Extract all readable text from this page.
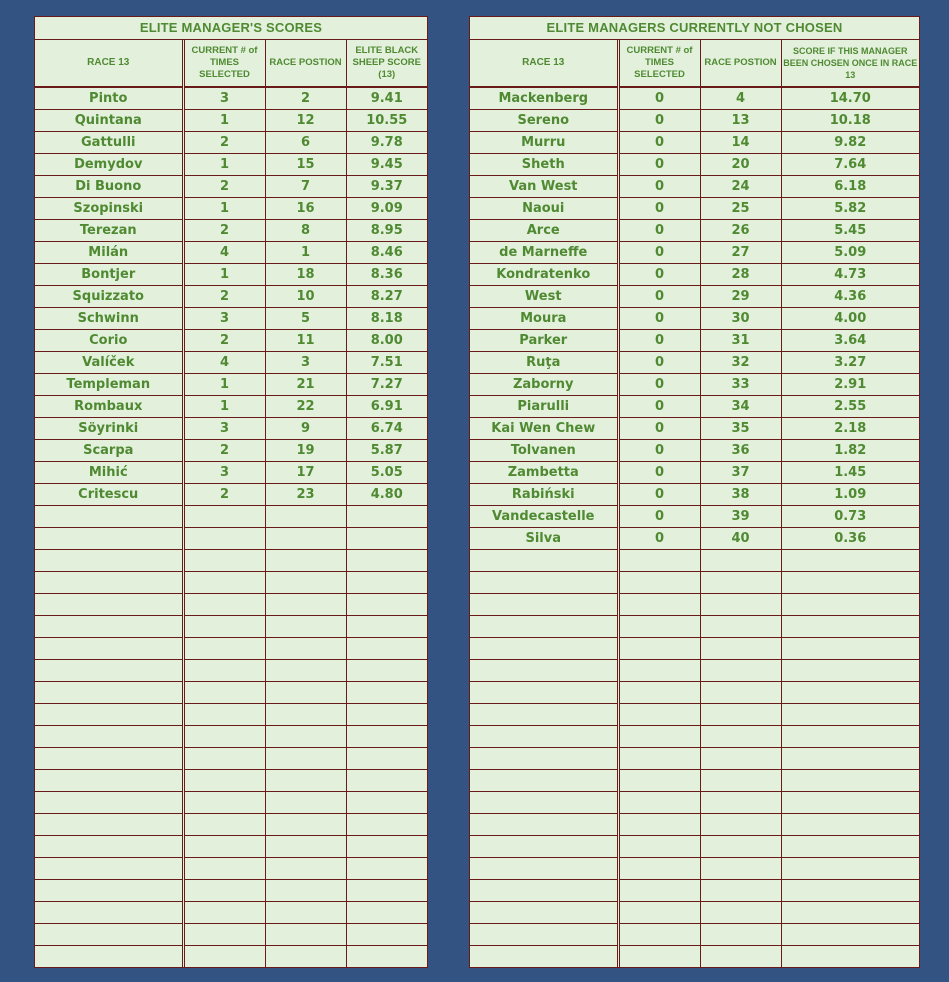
ELITE MANAGER'S SCORES
RACE 13	CURRENT # of TIMES SELECTED	RACE POSTION	ELITE BLACK SHEEP SCORE (13)
Pinto	3	2	9.41
Quintana	1	12	10.55
Gattulli	2	6	9.78
Demydov	1	15	9.45
Di Buono	2	7	9.37
Szopinski	1	16	9.09
Terezan	2	8	8.95
Milán	4	1	8.46
Bontjer	1	18	8.36
Squizzato	2	10	8.27
Schwinn	3	5	8.18
Corio	2	11	8.00
Valíček	4	3	7.51
Templeman	1	21	7.27
Rombaux	1	22	6.91
Söyrinki	3	9	6.74
Scarpa	2	19	5.87
Mihić	3	17	5.05
Critescu	2	23	4.80

ELITE MANAGERS CURRENTLY NOT CHOSEN
RACE 13	CURRENT # of TIMES SELECTED	RACE POSTION	SCORE IF THIS MANAGER BEEN CHOSEN ONCE IN RACE 13
Mackenberg	0	4	14.70
Sereno	0	13	10.18
Murru	0	14	9.82
Sheth	0	20	7.64
Van West	0	24	6.18
Naoui	0	25	5.82
Arce	0	26	5.45
de Marneffe	0	27	5.09
Kondratenko	0	28	4.73
West	0	29	4.36
Moura	0	30	4.00
Parker	0	31	3.64
Ruţa	0	32	3.27
Zaborny	0	33	2.91
Piarulli	0	34	2.55
Kai Wen Chew	0	35	2.18
Tolvanen	0	36	1.82
Zambetta	0	37	1.45
Rabiński	0	38	1.09
Vandecastelle	0	39	0.73
Silva	0	40	0.36
